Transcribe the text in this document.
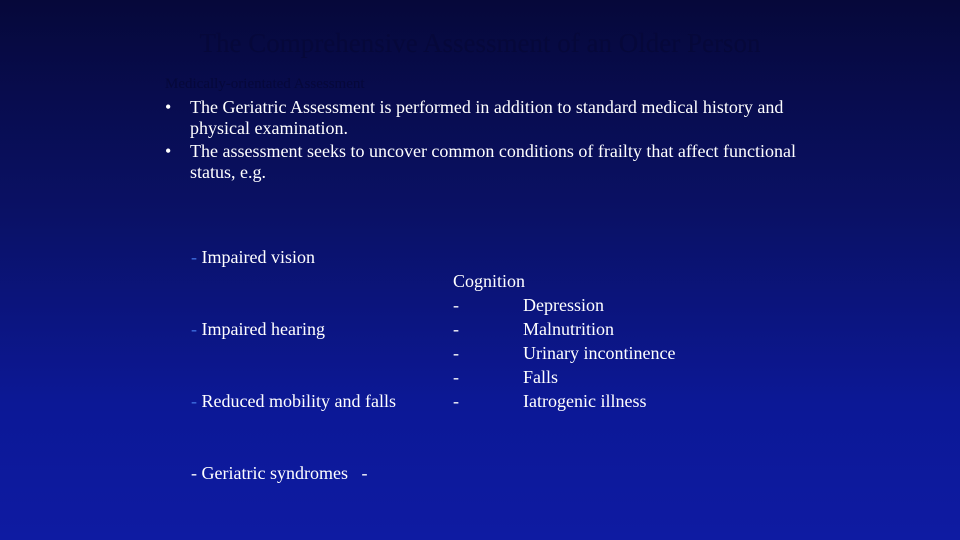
The Comprehensive Assessment of an Older Person
Medically-orientated Assessment
• The Geriatric Assessment is performed in addition to standard medical history and physical examination.
• The assessment seeks to uncover common conditions of frailty that affect functional status, e.g.

- Impaired vision

- Impaired hearing

- Reduced mobility and falls

- Geriatric syndromes   -

Cognition
-	Depression
-	Malnutrition
-	Urinary incontinence
-	Falls
-	Iatrogenic illness
